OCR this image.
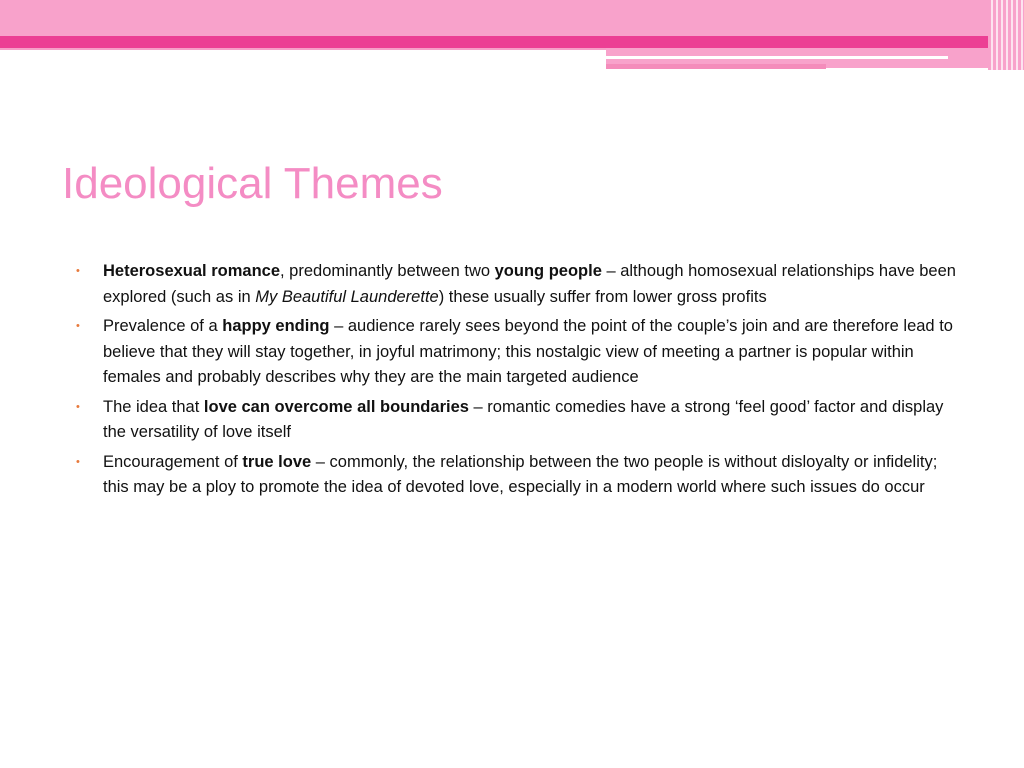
Ideological Themes
• Heterosexual romance, predominantly between two young people – although homosexual relationships have been explored (such as in My Beautiful Launderette) these usually suffer from lower gross profits
• Prevalence of a happy ending – audience rarely sees beyond the point of the couple’s join and are therefore lead to believe that they will stay together, in joyful matrimony; this nostalgic view of meeting a partner is popular within females and probably describes why they are the main targeted audience
• The idea that love can overcome all boundaries – romantic comedies have a strong ‘feel good’ factor and display the versatility of love itself
• Encouragement of true love – commonly, the relationship between the two people is without disloyalty or infidelity; this may be a ploy to promote the idea of devoted love, especially in a modern world where such issues do occur
